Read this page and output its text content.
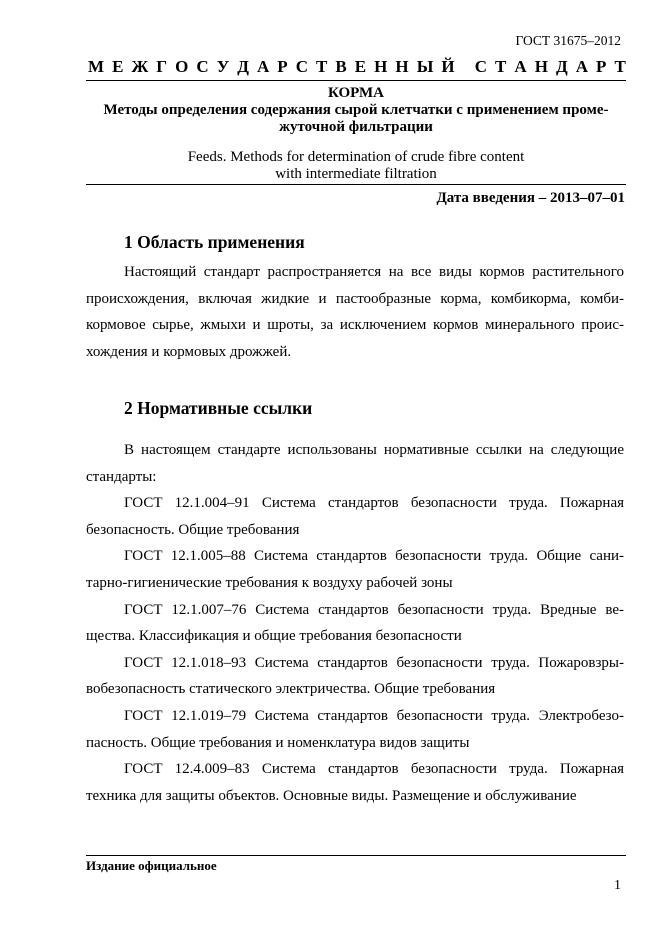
ГОСТ 31675–2012
М Е Ж Г О С У Д А Р С Т В Е Н Н Ы Й С Т А Н Д А Р Т
КОРМА
Методы определения содержания сырой клетчатки с применением проме-
жуточной фильтрации
Feeds. Methods for determination of crude fibre content
with intermediate filtration
Дата введения – 2013–07–01
1 Область применения
Настоящий стандарт распространяется на все виды кормов растительного
происхождения, включая жидкие и пастообразные корма, комбикорма, комби-
кормовое сырье, жмыхи и шроты, за исключением кормов минерального проис-
хождения и кормовых дрожжей.
2 Нормативные ссылки
В настоящем стандарте использованы нормативные ссылки на следующие
стандарты:
ГОСТ 12.1.004–91 Система стандартов безопасности труда. Пожарная
безопасность. Общие требования
ГОСТ 12.1.005–88 Система стандартов безопасности труда. Общие сани-
тарно-гигиенические требования к воздуху рабочей зоны
ГОСТ 12.1.007–76 Система стандартов безопасности труда. Вредные ве-
щества. Классификация и общие требования безопасности
ГОСТ 12.1.018–93 Система стандартов безопасности труда. Пожаровзры-
вобезопасность статического электричества. Общие требования
ГОСТ 12.1.019–79 Система стандартов безопасности труда. Электробезо-
пасность. Общие требования и номенклатура видов защиты
ГОСТ 12.4.009–83 Система стандартов безопасности труда. Пожарная
техника для защиты объектов. Основные виды. Размещение и обслуживание
Издание официальное
1
